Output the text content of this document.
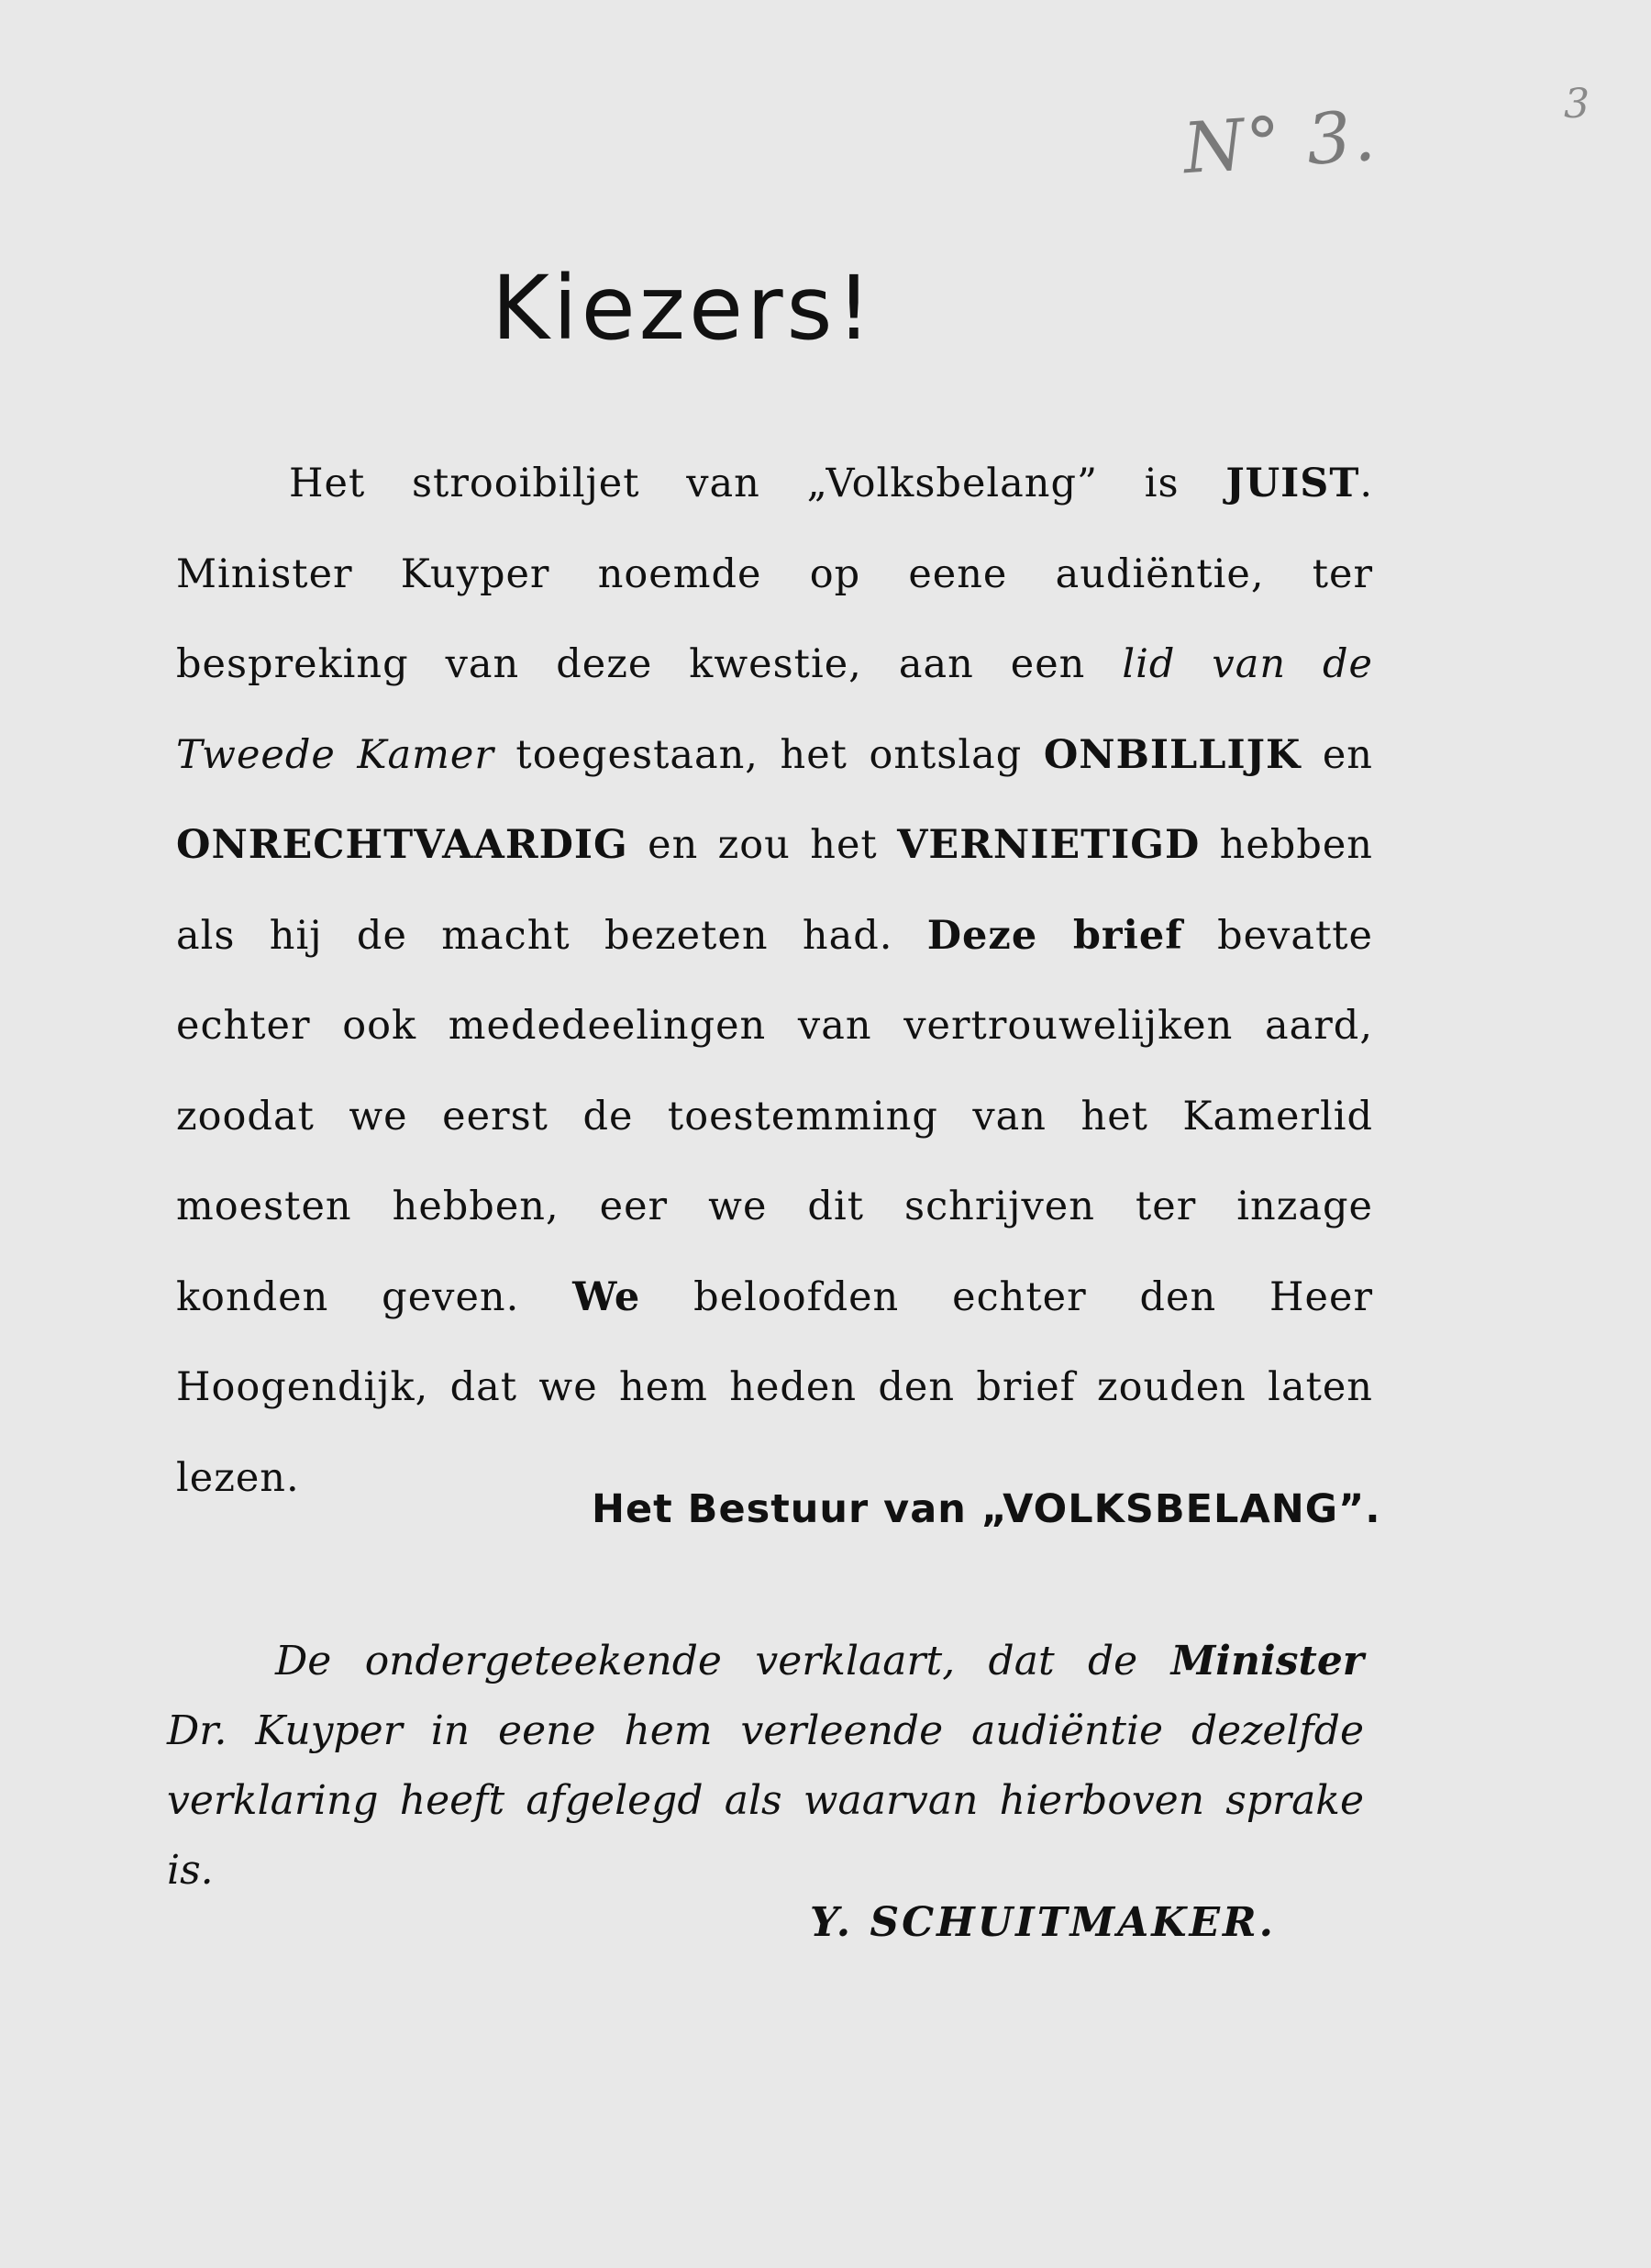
N° 3.	3
Kiezers!

Het strooibiljet van „Volksbelang” is JUIST. Minister Kuyper noemde op eene audiëntie, ter bespreking van deze kwestie, aan een lid van de Tweede Kamer toegestaan, het ontslag ONBILLIJK en ONRECHTVAARDIG en zou het VERNIETIGD hebben als hij de macht bezeten had. Deze brief bevatte echter ook mededeelingen van vertrouwelijken aard, zoodat we eerst de toestemming van het Kamerlid moesten hebben, eer we dit schrijven ter inzage konden geven. We beloofden echter den Heer Hoogendijk, dat we hem heden den brief zouden laten lezen.

Het Bestuur van „VOLKSBELANG”.

De ondergeteekende verklaart, dat de Minister Dr. Kuyper in eene hem verleende audiëntie dezelfde verklaring heeft afgelegd als waarvan hierboven sprake is.

Y. SCHUITMAKER.
